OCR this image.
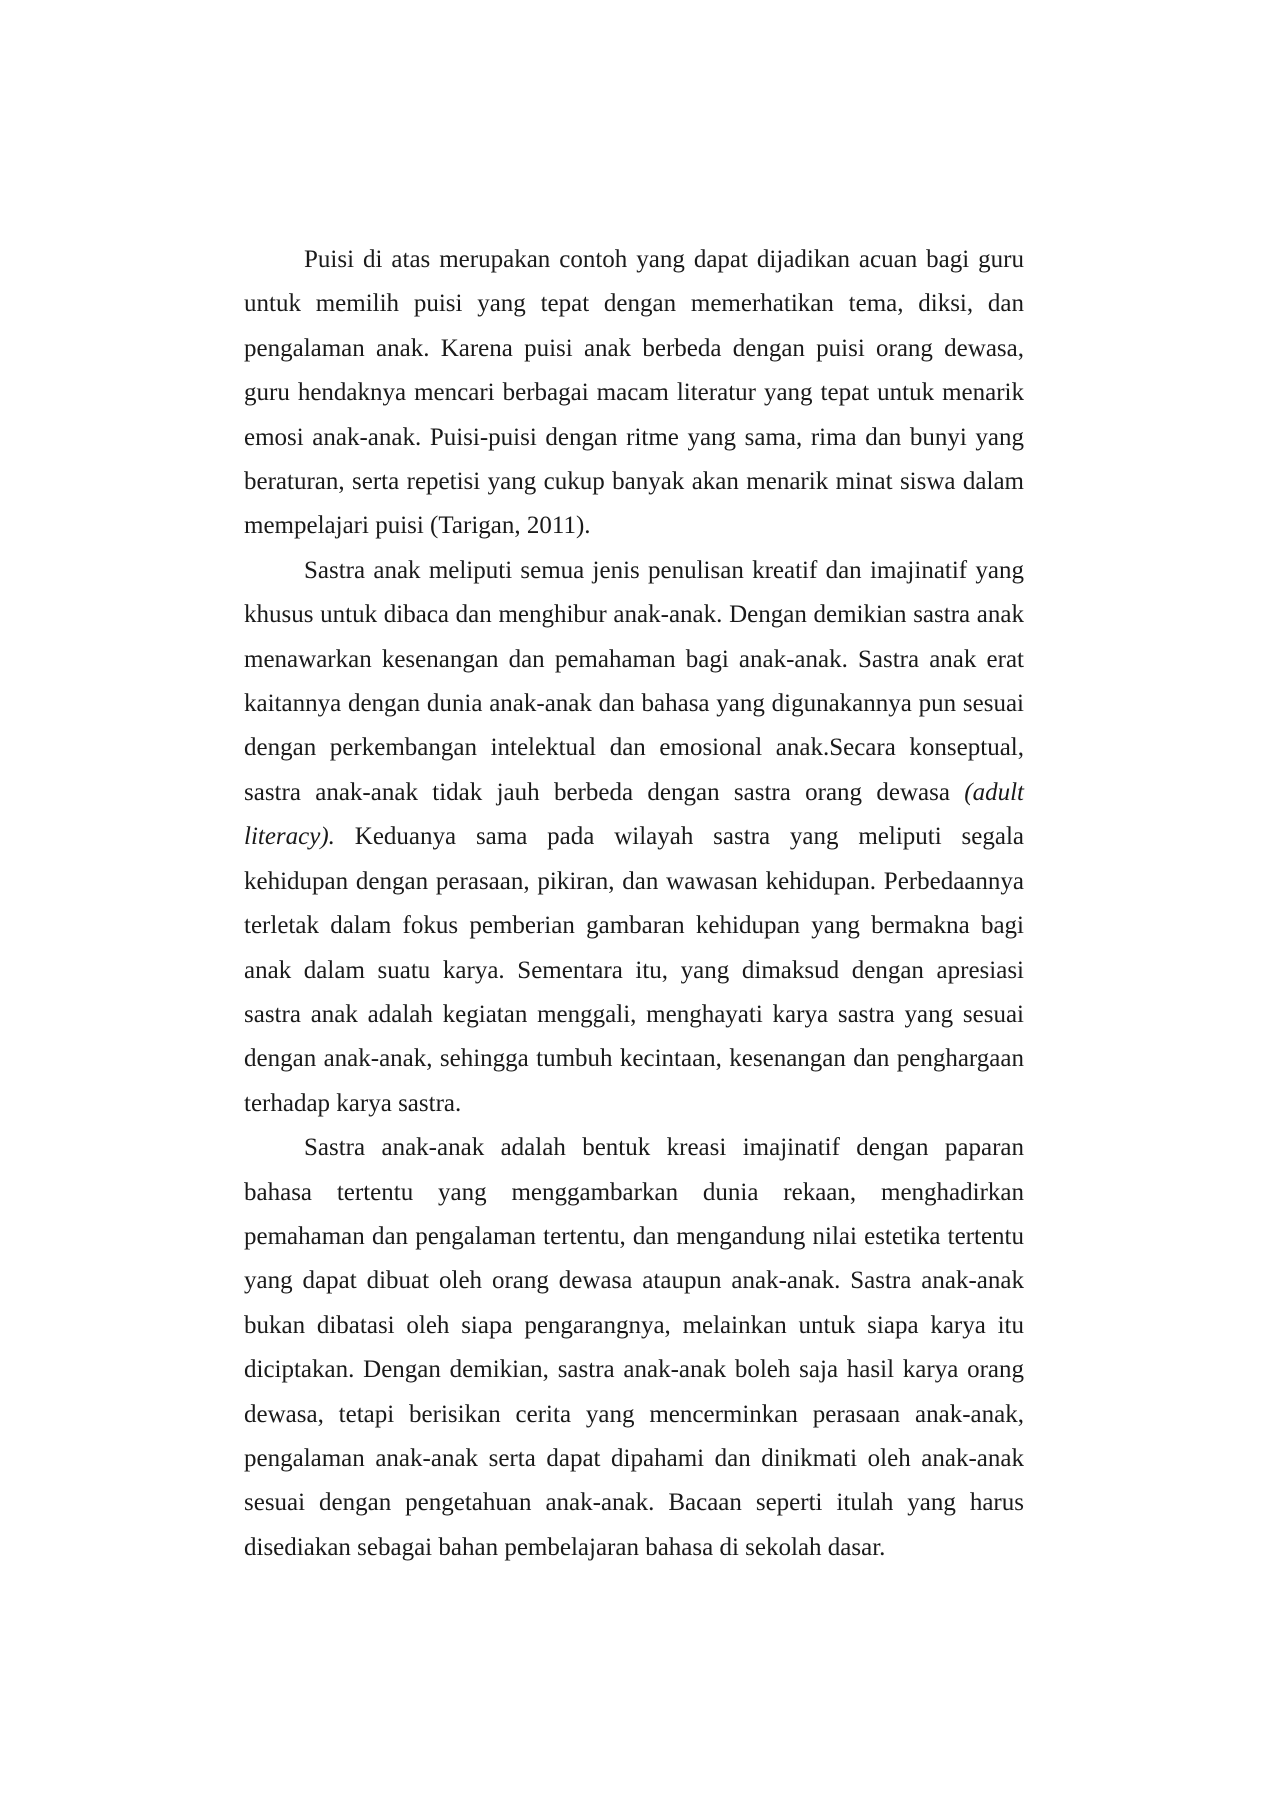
Puisi di atas merupakan contoh yang dapat dijadikan acuan bagi guru untuk memilih puisi yang tepat dengan memerhatikan tema, diksi, dan pengalaman anak. Karena puisi anak berbeda dengan puisi orang dewasa, guru hendaknya mencari berbagai macam literatur yang tepat untuk menarik emosi anak-anak. Puisi-puisi dengan ritme yang sama, rima dan bunyi yang beraturan, serta repetisi yang cukup banyak akan menarik minat siswa dalam mempelajari puisi (Tarigan, 2011).

Sastra anak meliputi semua jenis penulisan kreatif dan imajinatif yang khusus untuk dibaca dan menghibur anak-anak. Dengan demikian sastra anak menawarkan kesenangan dan pemahaman bagi anak-anak. Sastra anak erat kaitannya dengan dunia anak-anak dan bahasa yang digunakannya pun sesuai dengan perkembangan intelektual dan emosional anak.Secara konseptual, sastra anak-anak tidak jauh berbeda dengan sastra orang dewasa (adult literacy). Keduanya sama pada wilayah sastra yang meliputi segala kehidupan dengan perasaan, pikiran, dan wawasan kehidupan. Perbedaannya terletak dalam fokus pemberian gambaran kehidupan yang bermakna bagi anak dalam suatu karya. Sementara itu, yang dimaksud dengan apresiasi sastra anak adalah kegiatan menggali, menghayati karya sastra yang sesuai dengan anak-anak, sehingga tumbuh kecintaan, kesenangan dan penghargaan terhadap karya sastra.

Sastra anak-anak adalah bentuk kreasi imajinatif dengan paparan bahasa tertentu yang menggambarkan dunia rekaan, menghadirkan pemahaman dan pengalaman tertentu, dan mengandung nilai estetika tertentu yang dapat dibuat oleh orang dewasa ataupun anak-anak. Sastra anak-anak bukan dibatasi oleh siapa pengarangnya, melainkan untuk siapa karya itu diciptakan. Dengan demikian, sastra anak-anak boleh saja hasil karya orang dewasa, tetapi berisikan cerita yang mencerminkan perasaan anak-anak, pengalaman anak-anak serta dapat dipahami dan dinikmati oleh anak-anak sesuai dengan pengetahuan anak-anak. Bacaan seperti itulah yang harus disediakan sebagai bahan pembelajaran bahasa di sekolah dasar.
